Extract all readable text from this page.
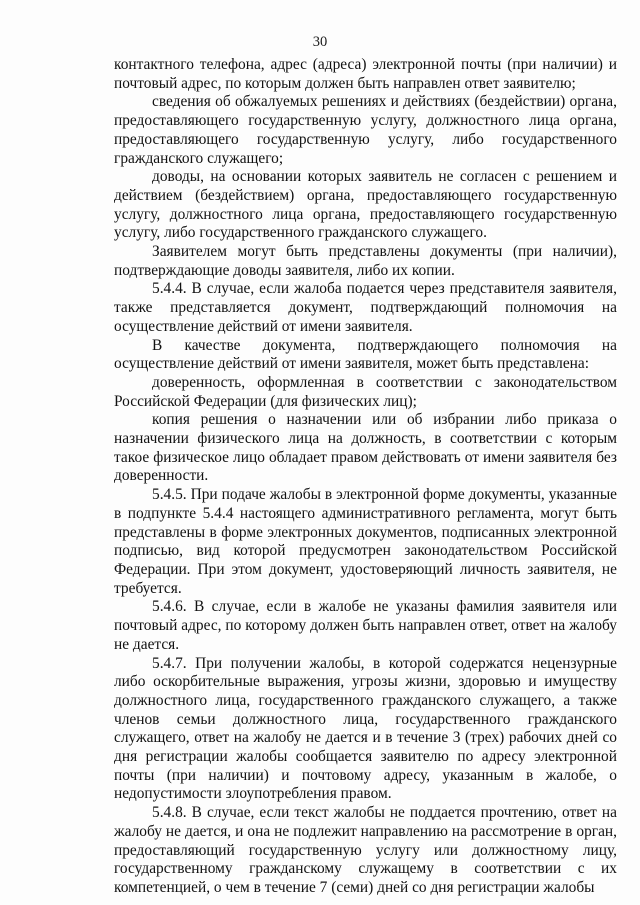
30

контактного телефона, адрес (адреса) электронной почты (при наличии) и почтовый адрес, по которым должен быть направлен ответ заявителю;

сведения об обжалуемых решениях и действиях (бездействии) органа, предоставляющего государственную услугу, должностного лица органа, предоставляющего государственную услугу, либо государственного гражданского служащего;

доводы, на основании которых заявитель не согласен с решением и действием (бездействием) органа, предоставляющего государственную услугу, должностного лица органа, предоставляющего государственную услугу, либо государственного гражданского служащего.

Заявителем могут быть представлены документы (при наличии), подтверждающие доводы заявителя, либо их копии.

5.4.4. В случае, если жалоба подается через представителя заявителя, также представляется документ, подтверждающий полномочия на осуществление действий от имени заявителя.

В качестве документа, подтверждающего полномочия на осуществление действий от имени заявителя, может быть представлена:

доверенность, оформленная в соответствии с законодательством Российской Федерации (для физических лиц);

копия решения о назначении или об избрании либо приказа о назначении физического лица на должность, в соответствии с которым такое физическое лицо обладает правом действовать от имени заявителя без доверенности.

5.4.5. При подаче жалобы в электронной форме документы, указанные в подпункте 5.4.4 настоящего административного регламента, могут быть представлены в форме электронных документов, подписанных электронной подписью, вид которой предусмотрен законодательством Российской Федерации. При этом документ, удостоверяющий личность заявителя, не требуется.

5.4.6. В случае, если в жалобе не указаны фамилия заявителя или почтовый адрес, по которому должен быть направлен ответ, ответ на жалобу не дается.

5.4.7. При получении жалобы, в которой содержатся нецензурные либо оскорбительные выражения, угрозы жизни, здоровью и имуществу должностного лица, государственного гражданского служащего, а также членов семьи должностного лица, государственного гражданского служащего, ответ на жалобу не дается и в течение 3 (трех) рабочих дней со дня регистрации жалобы сообщается заявителю по адресу электронной почты (при наличии) и почтовому адресу, указанным в жалобе, о недопустимости злоупотребления правом.

5.4.8. В случае, если текст жалобы не поддается прочтению, ответ на жалобу не дается, и она не подлежит направлению на рассмотрение в орган, предоставляющий государственную услугу или должностному лицу, государственному гражданскому служащему в соответствии с их компетенцией, о чем в течение 7 (семи) дней со дня регистрации жалобы
